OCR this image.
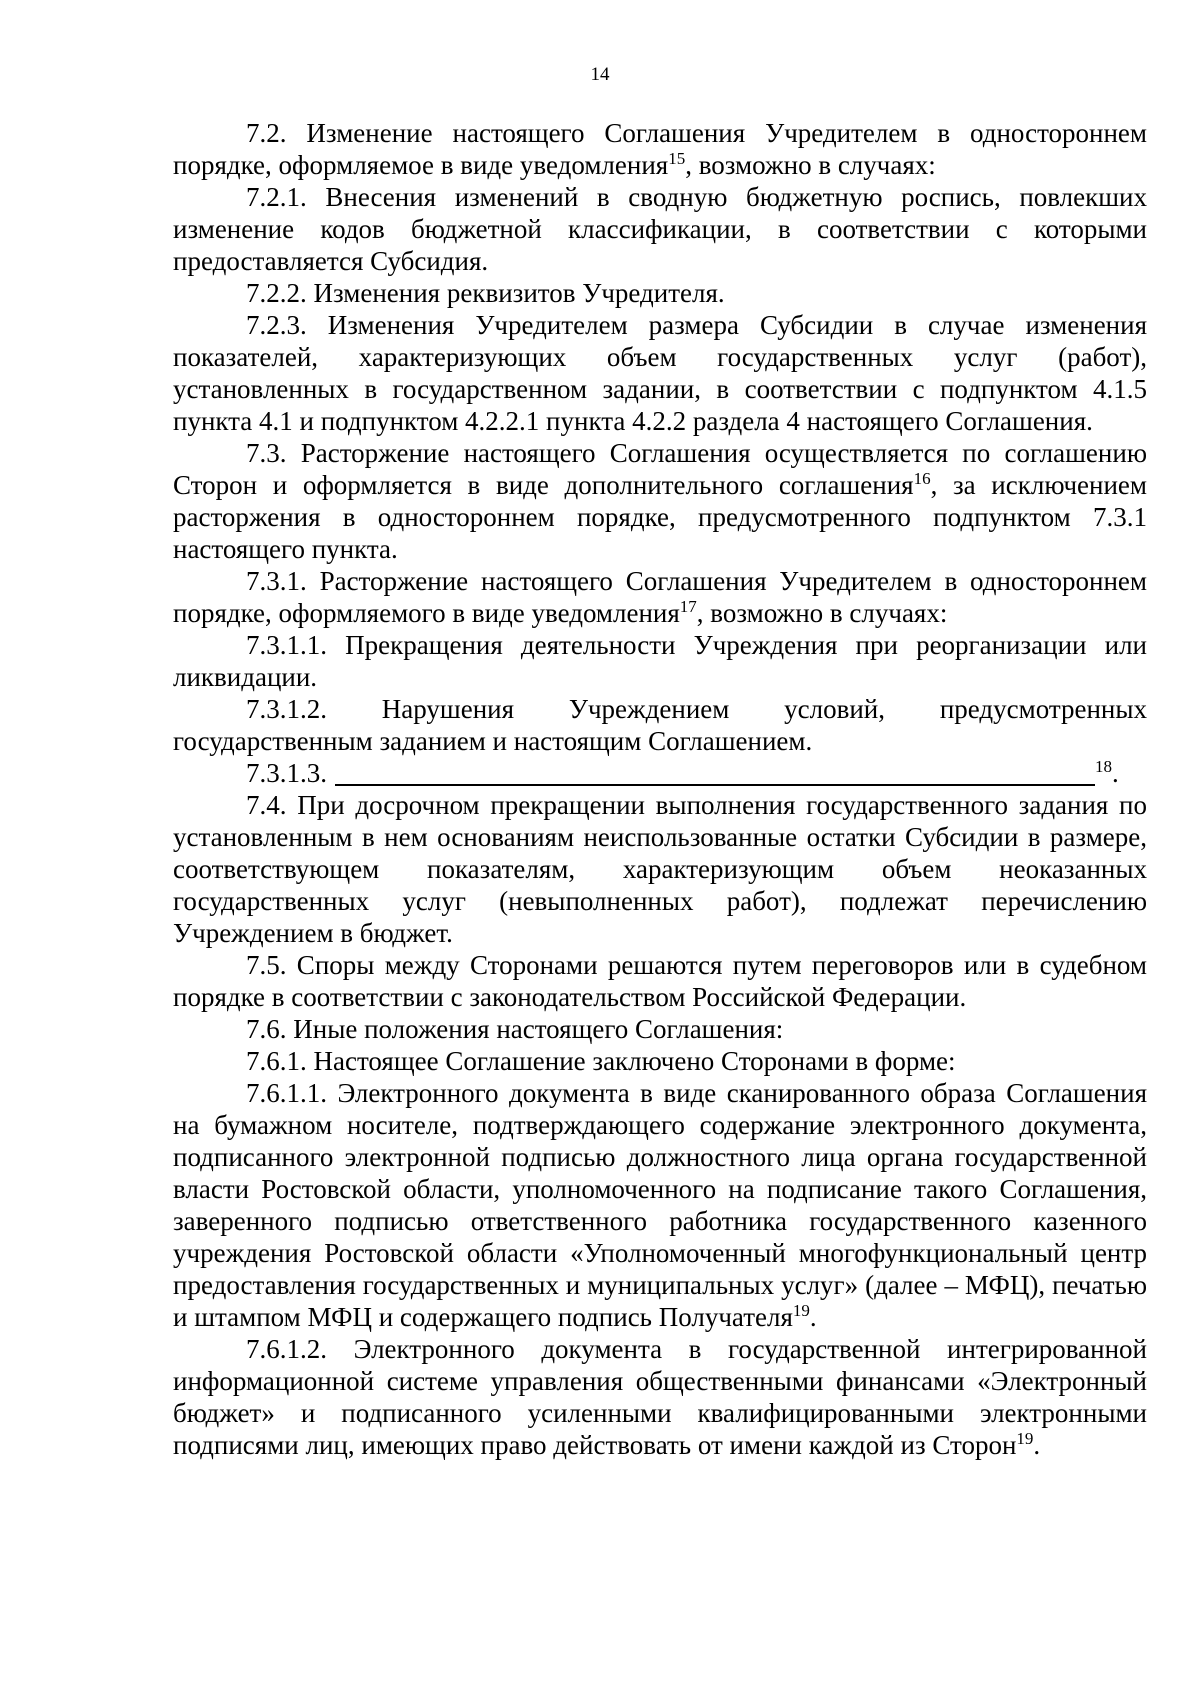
14

7.2. Изменение настоящего Соглашения Учредителем в одностороннем порядке, оформляемое в виде уведомления$^{15}$, возможно в случаях:

7.2.1. Внесения изменений в сводную бюджетную роспись, повлекших изменение кодов бюджетной классификации, в соответствии с которыми предоставляется Субсидия.

7.2.2. Изменения реквизитов Учредителя.

7.2.3. Изменения Учредителем размера Субсидии в случае изменения показателей, характеризующих объем государственных услуг (работ), установленных в государственном задании, в соответствии с подпунктом 4.1.5 пункта 4.1 и подпунктом 4.2.2.1 пункта 4.2.2 раздела 4 настоящего Соглашения.

7.3. Расторжение настоящего Соглашения осуществляется по соглашению Сторон и оформляется в виде дополнительного соглашения$^{16}$, за исключением расторжения в одностороннем порядке, предусмотренного подпунктом 7.3.1 настоящего пункта.

7.3.1. Расторжение настоящего Соглашения Учредителем в одностороннем порядке, оформляемого в виде уведомления$^{17}$, возможно в случаях:

7.3.1.1. Прекращения деятельности Учреждения при реорганизации или ликвидации.

7.3.1.2. Нарушения Учреждением условий, предусмотренных государственным заданием и настоящим Соглашением.

7.3.1.3.	$^{18}$.

7.4. При досрочном прекращении выполнения государственного задания по установленным в нем основаниям неиспользованные остатки Субсидии в размере, соответствующем показателям, характеризующим объем неоказанных государственных услуг (невыполненных работ), подлежат перечислению Учреждением в бюджет.

7.5. Споры между Сторонами решаются путем переговоров или в судебном порядке в соответствии с законодательством Российской Федерации.

7.6. Иные положения настоящего Соглашения:

7.6.1. Настоящее Соглашение заключено Сторонами в форме:

7.6.1.1. Электронного документа в виде сканированного образа Соглашения на бумажном носителе, подтверждающего содержание электронного документа, подписанного электронной подписью должностного лица органа государственной власти Ростовской области, уполномоченного на подписание такого Соглашения, заверенного подписью ответственного работника государственного казенного учреждения Ростовской области «Уполномоченный многофункциональный центр предоставления государственных и муниципальных услуг» (далее – МФЦ), печатью и штампом МФЦ и содержащего подпись Получателя$^{19}$.

7.6.1.2. Электронного документа в государственной интегрированной информационной системе управления общественными финансами «Электронный бюджет» и подписанного усиленными квалифицированными электронными подписями лиц, имеющих право действовать от имени каждой из Сторон$^{19}$.
